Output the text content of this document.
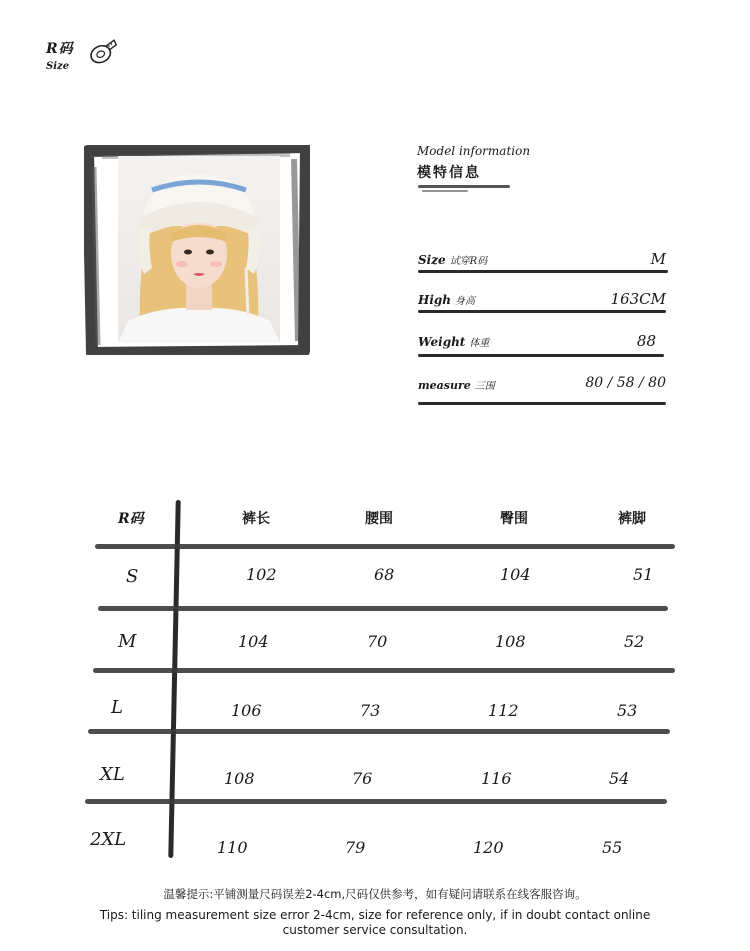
R码
Size
Model information
模特信息
Size 试穿R码	M
High 身高	163CM
Weight 体重	88
measure 三围	80 / 58 / 80
R码	裤长	腰围	臀围	裤脚
S	102	68	104	51
M	104	70	108	52
L	106	73	112	53
XL	108	76	116	54
2XL	110	79	120	55
温馨提示:平铺测量尺码误差2-4cm,尺码仅供参考，如有疑问请联系在线客服咨询。
Tips: tiling measurement size error 2-4cm, size for reference only, if in doubt contact online customer service consultation.
